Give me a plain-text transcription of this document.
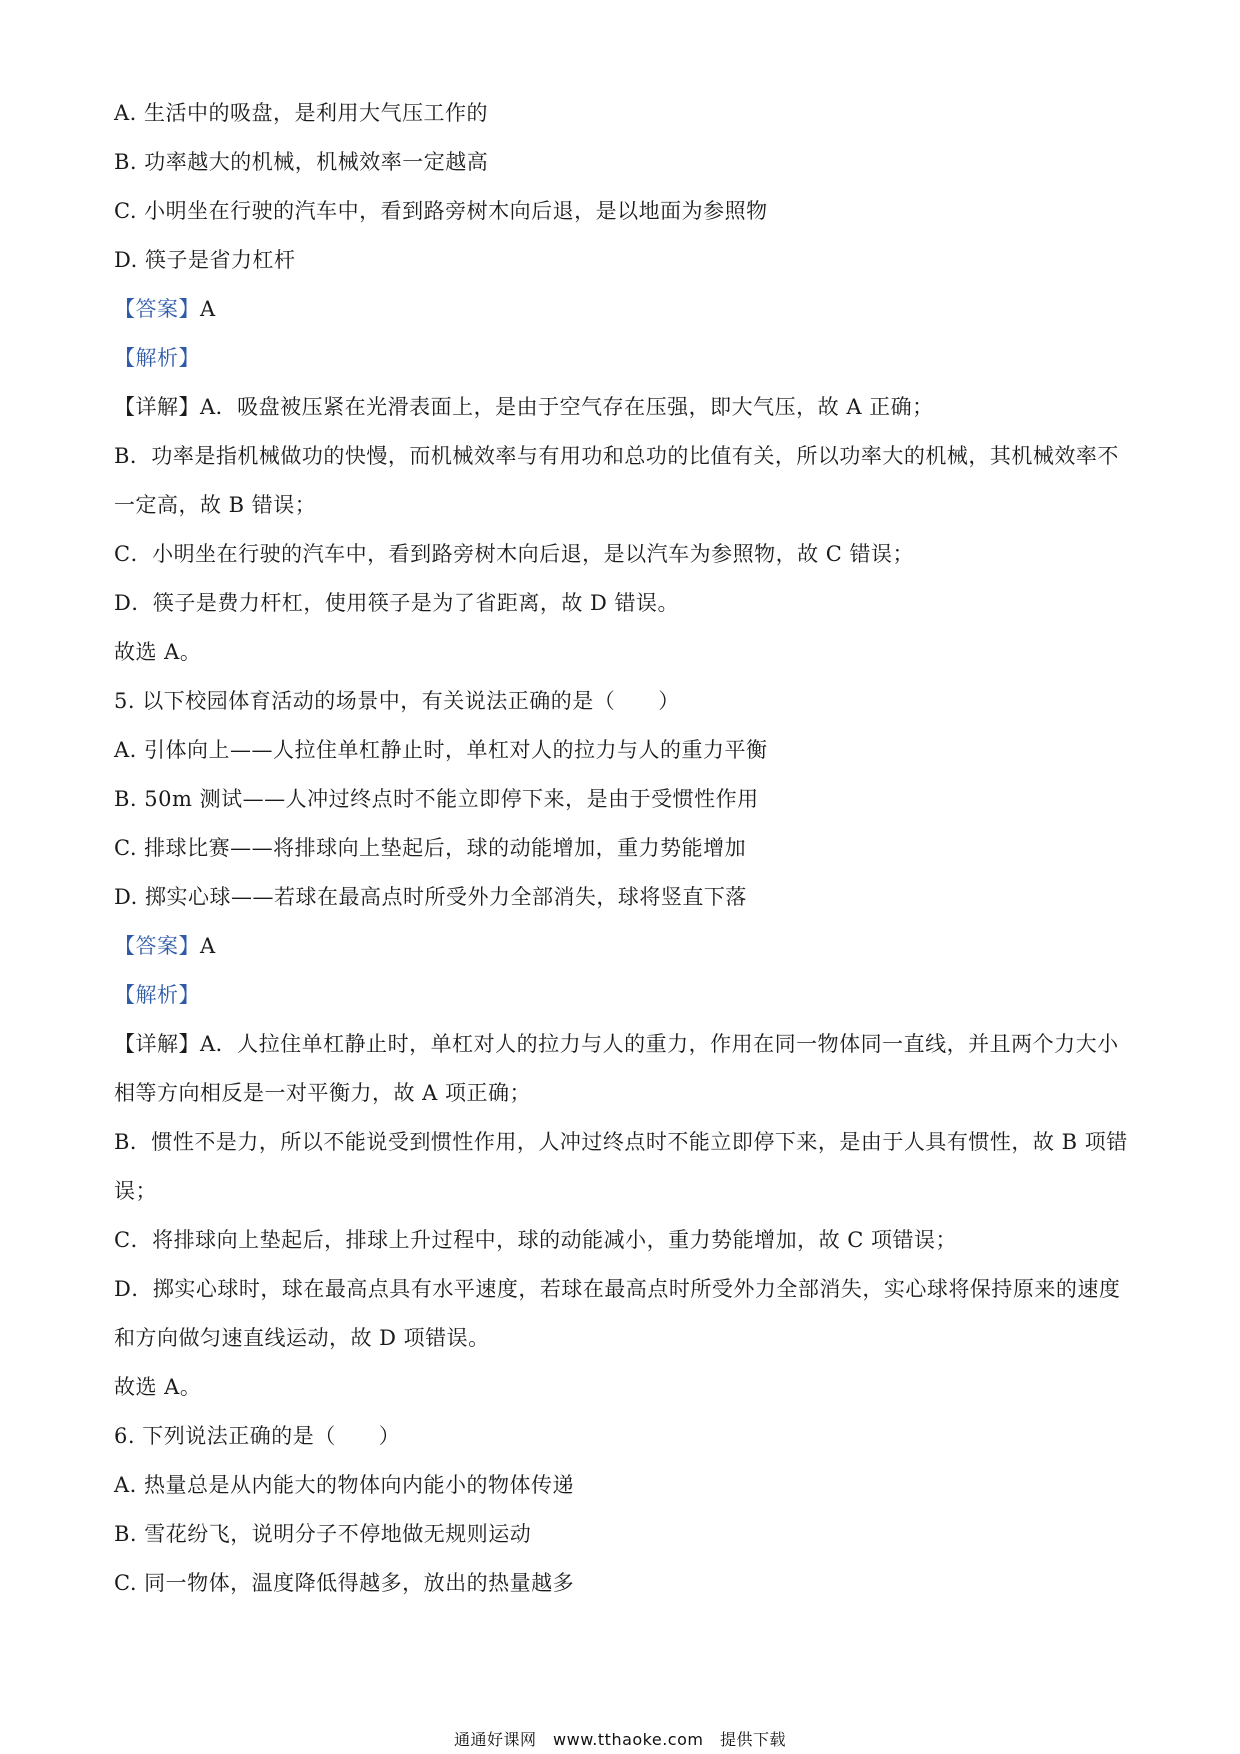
A. 生活中的吸盘，是利用大气压工作的
B. 功率越大的机械，机械效率一定越高
C. 小明坐在行驶的汽车中，看到路旁树木向后退，是以地面为参照物
D. 筷子是省力杠杆
【答案】A
【解析】
【详解】A．吸盘被压紧在光滑表面上，是由于空气存在压强，即大气压，故 A 正确；
B．功率是指机械做功的快慢，而机械效率与有用功和总功的比值有关，所以功率大的机械，其机械效率不
一定高，故 B 错误；
C．小明坐在行驶的汽车中，看到路旁树木向后退，是以汽车为参照物，故 C 错误；
D．筷子是费力杆杠，使用筷子是为了省距离，故 D 错误。
故选 A。
5. 以下校园体育活动的场景中，有关说法正确的是（　　）
A. 引体向上——人拉住单杠静止时，单杠对人的拉力与人的重力平衡
B. 50m 测试——人冲过终点时不能立即停下来，是由于受惯性作用
C. 排球比赛——将排球向上垫起后，球的动能增加，重力势能增加
D. 掷实心球——若球在最高点时所受外力全部消失，球将竖直下落
【答案】A
【解析】
【详解】A．人拉住单杠静止时，单杠对人的拉力与人的重力，作用在同一物体同一直线，并且两个力大小
相等方向相反是一对平衡力，故 A 项正确；
B．惯性不是力，所以不能说受到惯性作用，人冲过终点时不能立即停下来，是由于人具有惯性，故 B 项错
误；
C．将排球向上垫起后，排球上升过程中，球的动能减小，重力势能增加，故 C 项错误；
D．掷实心球时，球在最高点具有水平速度，若球在最高点时所受外力全部消失，实心球将保持原来的速度
和方向做匀速直线运动，故 D 项错误。
故选 A。
6. 下列说法正确的是（　　）
A. 热量总是从内能大的物体向内能小的物体传递
B. 雪花纷飞，说明分子不停地做无规则运动
C. 同一物体，温度降低得越多，放出的热量越多
通通好课网　www.tthaoke.com　提供下载
